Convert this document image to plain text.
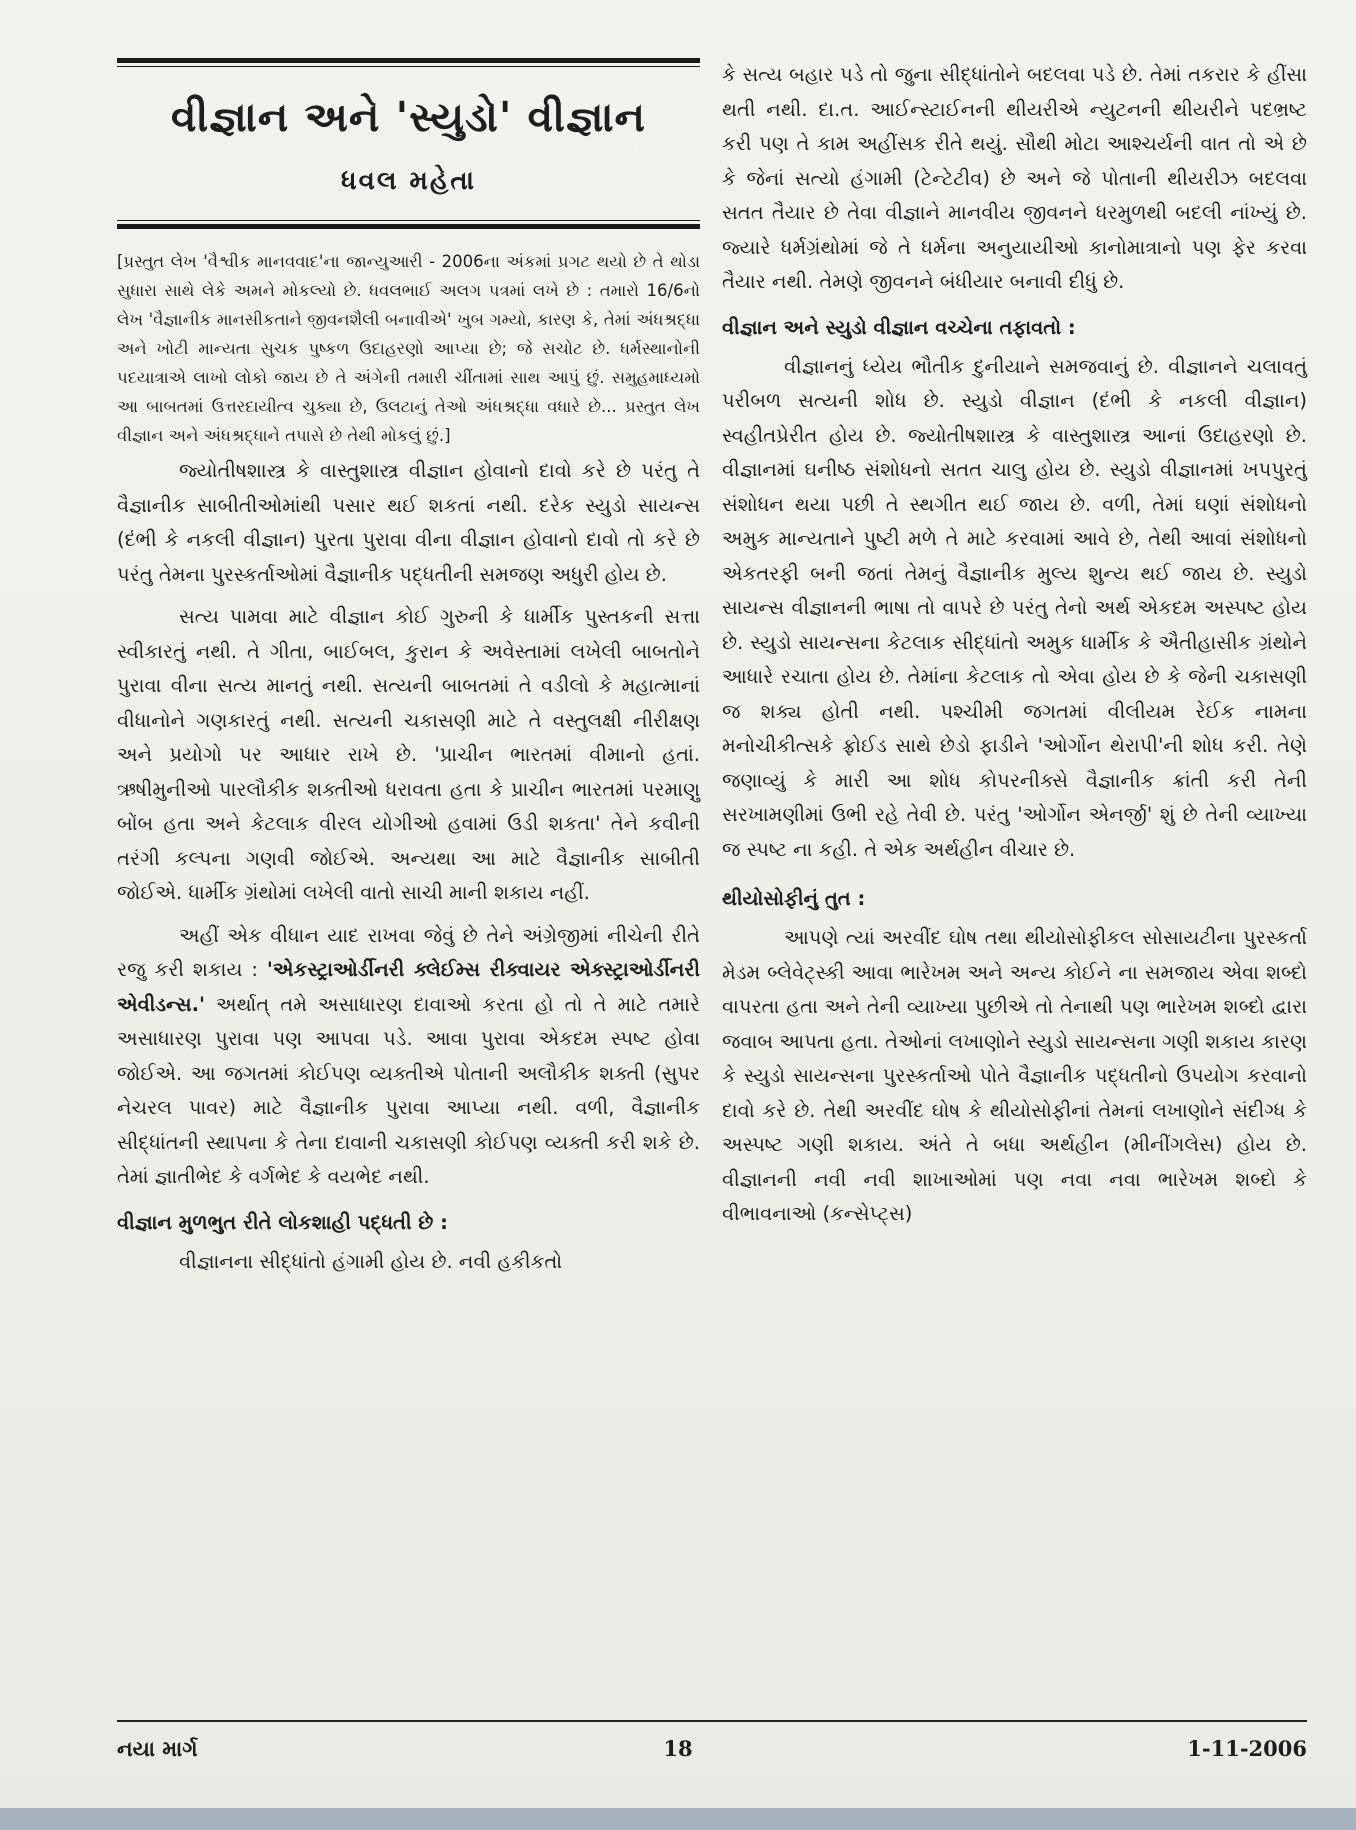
વીજ્ઞાન અને 'સ્યુડો' વીજ્ઞાન
ધવલ મહેતા
[પ્રસ્તુત લેખ 'વૈશ્વીક માનવવાદ'ના જાન્યુઆરી - 2006ના અંકમાં પ્રગટ થયો છે તે થોડા સુધારા સાથે લેકે અમને મોકલ્યો છે. ધવલભાઈ અલગ પત્રમાં લખે છે : તમારો 16/6નો લેખ 'વૈજ્ઞાનીક માનસીકતાને જીવનશૈલી બનાવીએ' ખુબ ગમ્યો, કારણ કે, તેમાં અંધશ્રદ્ધા અને ખોટી માન્યતા સુચક પુષ્કળ ઉદાહરણો આપ્યા છે; જે સચોટ છે. ધર્મસ્થાનોની પદયાત્રાએ લાખો લોકો જાય છે તે અંગેની તમારી ચીંતામાં સાથ આપું છું. સમુહમાધ્યમો આ બાબતમાં ઉત્તરદાયીત્વ ચુક્યા છે, ઉલટાનું તેઓ અંધશ્રદ્ધા વધારે છે... પ્રસ્તુત લેખ વીજ્ઞાન અને અંધશ્રદ્ધાને તપાસે છે તેથી મોકલું છું.]

જ્યોતીષશાસ્ત્ર કે વાસ્તુશાસ્ત્ર વીજ્ઞાન હોવાનો દાવો કરે છે પરંતુ તે વૈજ્ઞાનીક સાબીતીઓમાંથી પસાર થઈ શકતાં નથી. દરેક સ્યુડો સાયન્સ (દંભી કે નકલી વીજ્ઞાન) પુરતા પુરાવા વીના વીજ્ઞાન હોવાનો દાવો તો કરે છે પરંતુ તેમના પુરસ્કર્તાઓમાં વૈજ્ઞાનીક પદ્ધતીની સમજણ અધુરી હોય છે.

સત્ય પામવા માટે વીજ્ઞાન કોઈ ગુરુની કે ધાર્મીક પુસ્તકની સત્તા સ્વીકારતું નથી. તે ગીતા, બાઈબલ, કુરાન કે અવેસ્તામાં લખેલી બાબતોને પુરાવા વીના સત્ય માનતું નથી. સત્યની બાબતમાં તે વડીલો કે મહાત્માનાં વીધાનોને ગણકારતું નથી. સત્યની ચકાસણી માટે તે વસ્તુલક્ષી નીરીક્ષણ અને પ્રયોગો પર આધાર રાખે છે. 'પ્રાચીન ભારતમાં વીમાનો હતાં. ઋષીમુનીઓ પારલૌકીક શક્તીઓ ધરાવતા હતા કે પ્રાચીન ભારતમાં પરમાણુ બોંબ હતા અને કેટલાક વીરલ યોગીઓ હવામાં ઉડી શકતા' તેને કવીની તરંગી કલ્પના ગણવી જોઈએ. અન્યથા આ માટે વૈજ્ઞાનીક સાબીતી જોઈએ. ધાર્મીક ગ્રંથોમાં લખેલી વાતો સાચી માની શકાય નહીં.

અહીં એક વીધાન યાદ રાખવા જેવું છે તેને અંગ્રેજીમાં નીચેની રીતે રજુ કરી શકાય : 'એકસ્ટ્રાઓર્ડીનરી ક્લેઈમ્સ રીક્વાયર એક્સ્ટ્રાઓર્ડીનરી એવીડન્સ.' અર્થાત્ તમે અસાધારણ દાવાઓ કરતા હો તો તે માટે તમારે અસાધારણ પુરાવા પણ આપવા પડે. આવા પુરાવા એકદમ સ્પષ્ટ હોવા જોઈએ. આ જગતમાં કોઈપણ વ્યક્તીએ પોતાની અલૌકીક શક્તી (સુપર નેચરલ પાવર) માટે વૈજ્ઞાનીક પુરાવા આપ્યા નથી. વળી, વૈજ્ઞાનીક સીદ્ધાંતની સ્થાપના કે તેના દાવાની ચકાસણી કોઈપણ વ્યક્તી કરી શકે છે. તેમાં જ્ઞાતીભેદ કે વર્ગભેદ કે વયભેદ નથી.

વીજ્ઞાન મુળભુત રીતે લોકશાહી પદ્ધતી છે :

વીજ્ઞાનના સીદ્ધાંતો હંગામી હોય છે. નવી હકીકતો

કે સત્ય બહાર પડે તો જુના સીદ્ધાંતોને બદલવા પડે છે. તેમાં તકરાર કે હીંસા થતી નથી. દા.ત. આઈન્સ્ટાઈનની થીયરીએ ન્યુટનની થીયરીને પદભ્રષ્ટ કરી પણ તે કામ અહીંસક રીતે થયું. સૌથી મોટા આશ્ચર્યની વાત તો એ છે કે જેનાં સત્યો હંગામી (ટેન્ટેટીવ) છે અને જે પોતાની થીયરીઝ બદલવા સતત તૈયાર છે તેવા વીજ્ઞાને માનવીય જીવનને ધરમુળથી બદલી નાંખ્યું છે. જ્યારે ધર્મગ્રંથોમાં જે તે ધર્મના અનુયાયીઓ કાનોમાત્રાનો પણ ફેર કરવા તૈયાર નથી. તેમણે જીવનને બંધીયાર બનાવી દીધું છે.

વીજ્ઞાન અને સ્યુડો વીજ્ઞાન વચ્ચેના તફાવતો :

વીજ્ઞાનનું ધ્યેય ભૌતીક દુનીયાને સમજવાનું છે. વીજ્ઞાનને ચલાવતું પરીબળ સત્યની શોધ છે. સ્યુડો વીજ્ઞાન (દંભી કે નકલી વીજ્ઞાન) સ્વહીતપ્રેરીત હોય છે. જ્યોતીષશાસ્ત્ર કે વાસ્તુશાસ્ત્ર આનાં ઉદાહરણો છે. વીજ્ઞાનમાં ઘનીષ્ઠ સંશોધનો સતત ચાલુ હોય છે. સ્યુડો વીજ્ઞાનમાં ખપપુરતું સંશોધન થયા પછી તે સ્થગીત થઈ જાય છે. વળી, તેમાં ઘણાં સંશોધનો અમુક માન્યતાને પુષ્ટી મળે તે માટે કરવામાં આવે છે, તેથી આવાં સંશોધનો એકતરફી બની જતાં તેમનું વૈજ્ઞાનીક મુલ્ય શુન્ય થઈ જાય છે. સ્યુડો સાયન્સ વીજ્ઞાનની ભાષા તો વાપરે છે પરંતુ તેનો અર્થ એકદમ અસ્પષ્ટ હોય છે. સ્યુડો સાયન્સના કેટલાક સીદ્ધાંતો અમુક ધાર્મીક કે ઐતીહાસીક ગ્રંથોને આધારે રચાતા હોય છે. તેમાંના કેટલાક તો એવા હોય છે કે જેની ચકાસણી જ શક્ય હોતી નથી. પશ્ચીમી જગતમાં વીલીયમ રેઈક નામના મનોચીકીત્સકે ફ્રોઈડ સાથે છેડો ફાડીને 'ઓર્ગોન થેરાપી'ની શોધ કરી. તેણે જણાવ્યું કે મારી આ શોધ કોપરનીક્સે વૈજ્ઞાનીક ક્રાંતી કરી તેની સરખામણીમાં ઉભી રહે તેવી છે. પરંતુ 'ઓર્ગોન એનર્જી' શું છે તેની વ્યાખ્યા જ સ્પષ્ટ ના કહી. તે એક અર્થહીન વીચાર છે.

થીયોસોફીનું તુત :

આપણે ત્યાં અરવીંદ ઘોષ તથા થીયોસોફીકલ સોસાયટીના પુરસ્કર્તા મેડમ બ્લેવેટ્સ્કી આવા ભારેખમ અને અન્ય કોઈને ના સમજાય એવા શબ્દો વાપરતા હતા અને તેની વ્યાખ્યા પુછીએ તો તેનાથી પણ ભારેખમ શબ્દો દ્વારા જવાબ આપતા હતા. તેઓનાં લખાણોને સ્યુડો સાયન્સના ગણી શકાય કારણ કે સ્યુડો સાયન્સના પુરસ્કર્તાઓ પોતે વૈજ્ઞાનીક પદ્ધતીનો ઉપયોગ કરવાનો દાવો કરે છે. તેથી અરવીંદ ઘોષ કે થીયોસોફીનાં તેમનાં લખાણોને સંદીગ્ધ કે અસ્પષ્ટ ગણી શકાય. અંતે તે બધા અર્થહીન (મીનીંગલેસ) હોય છે. વીજ્ઞાનની નવી નવી શાખાઓમાં પણ નવા નવા ભારેખમ શબ્દો કે વીભાવનાઓ (કન્સેપ્ટ્સ)

નયા માર્ગ	18	1-11-2006
